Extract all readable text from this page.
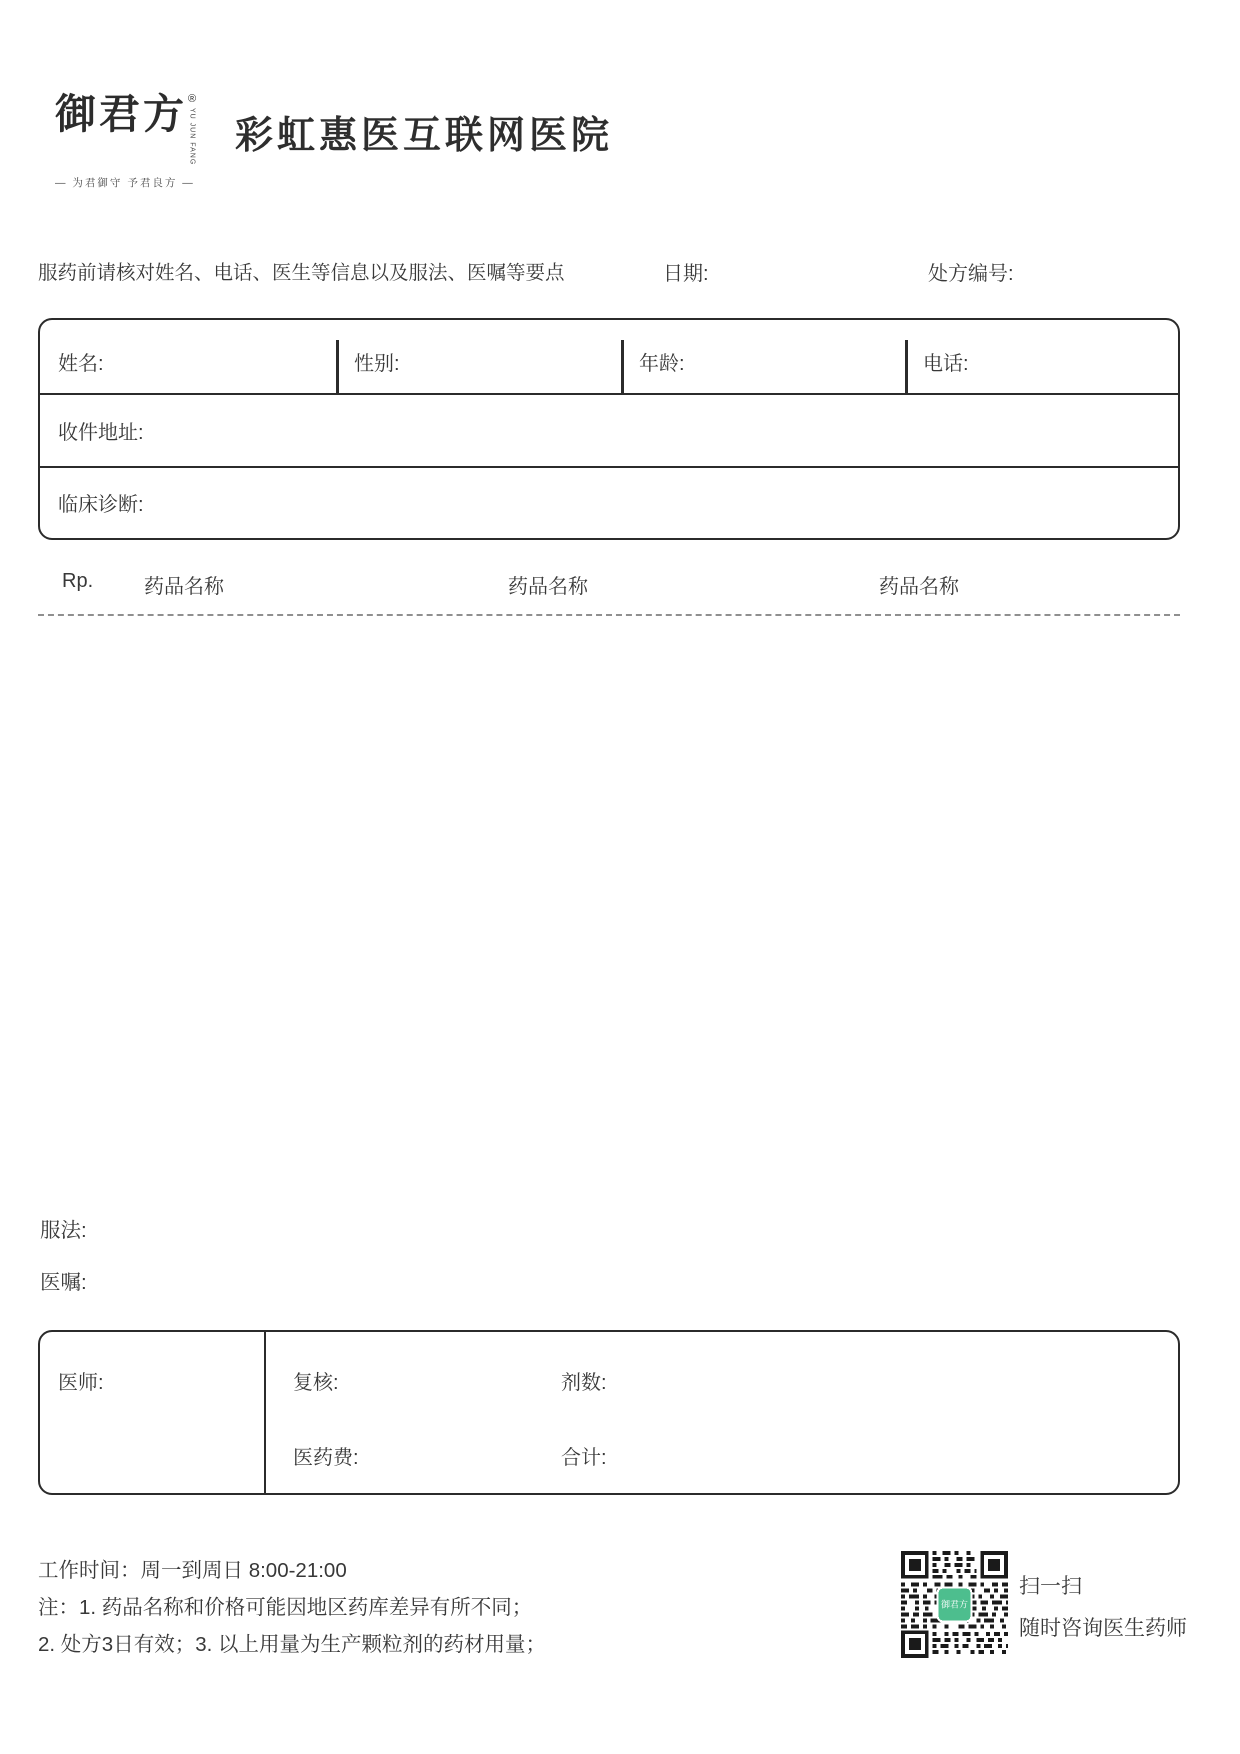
御君方 ®
YU JUN FANG
— 为君御守 予君良方 —
彩虹惠医互联网医院
服药前请核对姓名、电话、医生等信息以及服法、医嘱等要点	日期:	处方编号:
姓名:	性别:	年龄:	电话:
收件地址:
临床诊断:
Rp.	药品名称	药品名称	药品名称
服法:
医嘱:
医师:	复核:	剂数:
医药费:	合计:
工作时间：周一到周日 8:00-21:00
注：1. 药品名称和价格可能因地区药库差异有所不同；
2. 处方3日有效；3. 以上用量为生产颗粒剂的药材用量；
御君方
扫一扫
随时咨询医生药师
